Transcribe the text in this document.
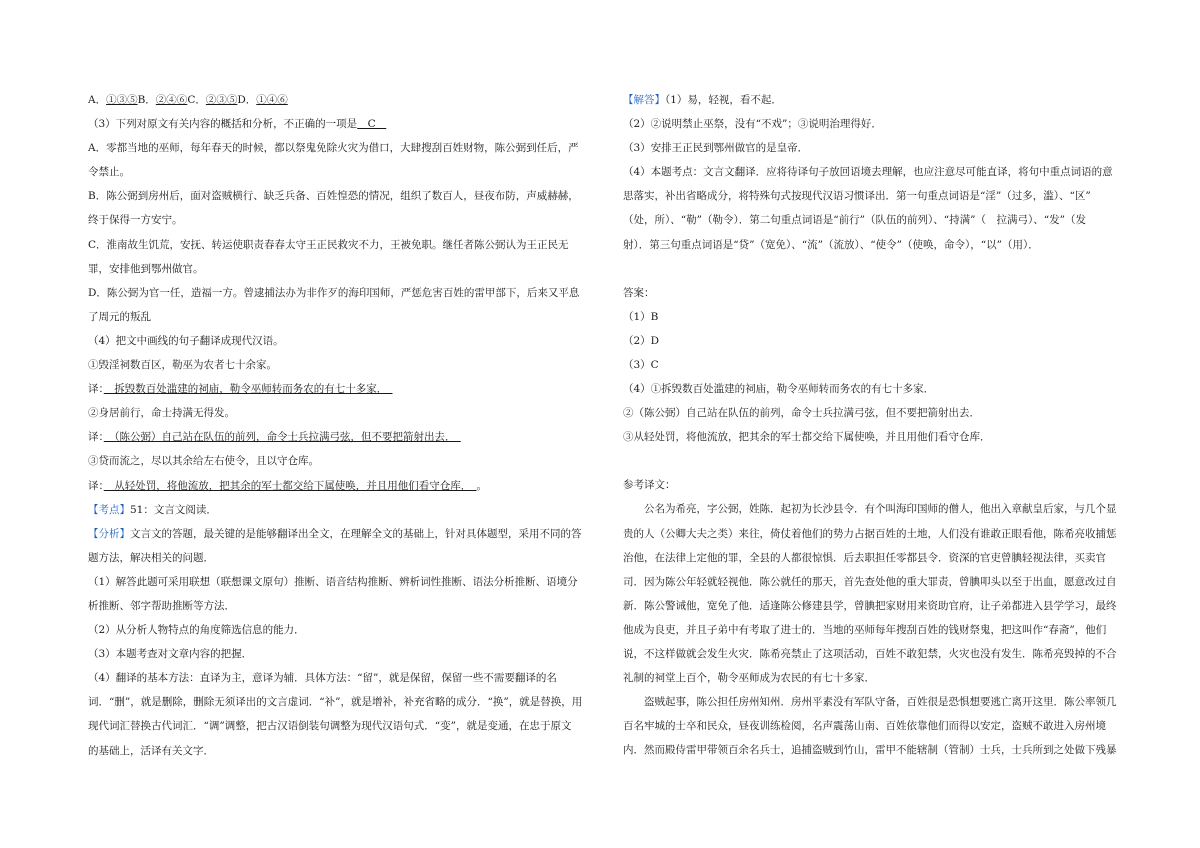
A．①③⑤B．②④⑥C．②③⑤D．①④⑥
（3）下列对原文有关内容的概括和分析，不正确的一项是　C　
A．零都当地的巫师，每年春天的时候，都以祭鬼免除火灾为借口，大肆搜刮百姓财物，陈公弼到任后，严
令禁止。
B．陈公弼到房州后，面对盗贼横行、缺乏兵备、百姓惶恐的情况，组织了数百人，昼夜布防，声威赫赫，
终于保得一方安宁。
C．淮南故生饥荒，安抚、转运使职责春春太守王正民救灾不力，王被免职。继任者陈公弼认为王正民无
罪，安排他到鄂州做官。
D．陈公弼为官一任，造福一方。曾逮捕法办为非作歹的海印国师，严惩危害百姓的雷甲部下，后来又平息
了周元的叛乱
（4）把文中画线的句子翻译成现代汉语。
①毁淫祠数百区，勒巫为农者七十余家。
译：　拆毁数百处滥建的祠庙，勒令巫师转而务农的有七十多家．　
②身居前行，命士持满无得发。
译：　（陈公弼）自己站在队伍的前列，命令士兵拉满弓弦，但不要把箭射出去．　
③贷而流之，尽以其余给左右使令，且以守仓库。
译：　从轻处罚，将他流放，把其余的军士都交给下属使唤，并且用他们看守仓库．　。
【考点】51：文言文阅读．
【分析】文言文的答题，最关键的是能够翻译出全文，在理解全文的基础上，针对具体题型，采用不同的答
题方法，解决相关的问题．
（1）解答此题可采用联想（联想课文原句）推断、语音结构推断、辨析词性推断、语法分析推断、语境分
析推断、邻字帮助推断等方法．
（2）从分析人物特点的角度筛选信息的能力．
（3）本题考查对文章内容的把握．
（4）翻译的基本方法：直译为主，意译为辅．具体方法：“留”，就是保留，保留一些不需要翻译的名
词．“删”，就是删除，删除无须译出的文言虚词．“补”，就是增补，补充省略的成分．“换”，就是替换，用
现代词汇替换古代词汇．“调”调整，把古汉语倒装句调整为现代汉语句式．“变”，就是变通，在忠于原文
的基础上，活译有关文字．
【解答】（1）易，轻视，看不起．
（2）②说明禁止巫祭，没有“不戏”；③说明治理得好．
（3）安排王正民到鄂州做官的是皇帝．
（4）本题考点：文言文翻译．应将待译句子放回语境去理解，也应注意尽可能直译，将句中重点词语的意
思落实，补出省略成分，将特殊句式按现代汉语习惯译出．第一句重点词语是“淫”（过多，滥）、“区”
（处，所）、“勒”（勒令）．第二句重点词语是“前行”（队伍的前列）、“持满”（　拉满弓）、“发”（发
射）．第三句重点词语是“贷”（宽免）、“流”（流放）、“使令”（使唤，命令），“以”（用）．
答案：
（1）B
（2）D
（3）C
（4）①拆毁数百处滥建的祠庙，勒令巫师转而务农的有七十多家．
②（陈公弼）自己站在队伍的前列，命令士兵拉满弓弦，但不要把箭射出去．
③从轻处罚，将他流放，把其余的军士都交给下属使唤，并且用他们看守仓库．
参考译文：
公名为希亮，字公弼，姓陈．起初为长沙县令．有个叫海印国师的僧人，他出入章献皇后家，与几个显
贵的人（公卿大夫之类）来往，倚仗着他们的势力占据百姓的土地，人们没有谁敢正眼看他，陈希亮收捕惩
治他，在法律上定他的罪，全县的人都很惊惧．后去职担任零都县令．资深的官吏曾腆轻视法律，买卖官
司．因为陈公年轻就轻视他．陈公就任的那天，首先查处他的重大罪责，曾腆叩头以至于出血，愿意改过自
新．陈公警诫他，宽免了他．适逢陈公修建县学，曾腆把家财用来资助官府，让子弟都进入县学学习，最终
他成为良吏，并且子弟中有考取了进士的．当地的巫师每年搜刮百姓的钱财祭鬼，把这叫作“春斋”，他们
说，不这样做就会发生火灾．陈希亮禁止了这项活动，百姓不敢犯禁，火灾也没有发生．陈希亮毁掉的不合
礼制的祠堂上百个，勒令巫师成为农民的有七十多家．
盗贼起事，陈公担任房州知州．房州平素没有军队守备，百姓很是恐惧想要逃亡离开这里．陈公率领几
百名牢城的士卒和民众，昼夜训练检阅，名声震荡山南、百姓依靠他们而得以安定，盗贼不敢进入房州境
内．然而殿侍雷甲带领百余名兵士，追捕盗贼到竹山，雷甲不能辖制（管制）士兵，士兵所到之处做下残暴
